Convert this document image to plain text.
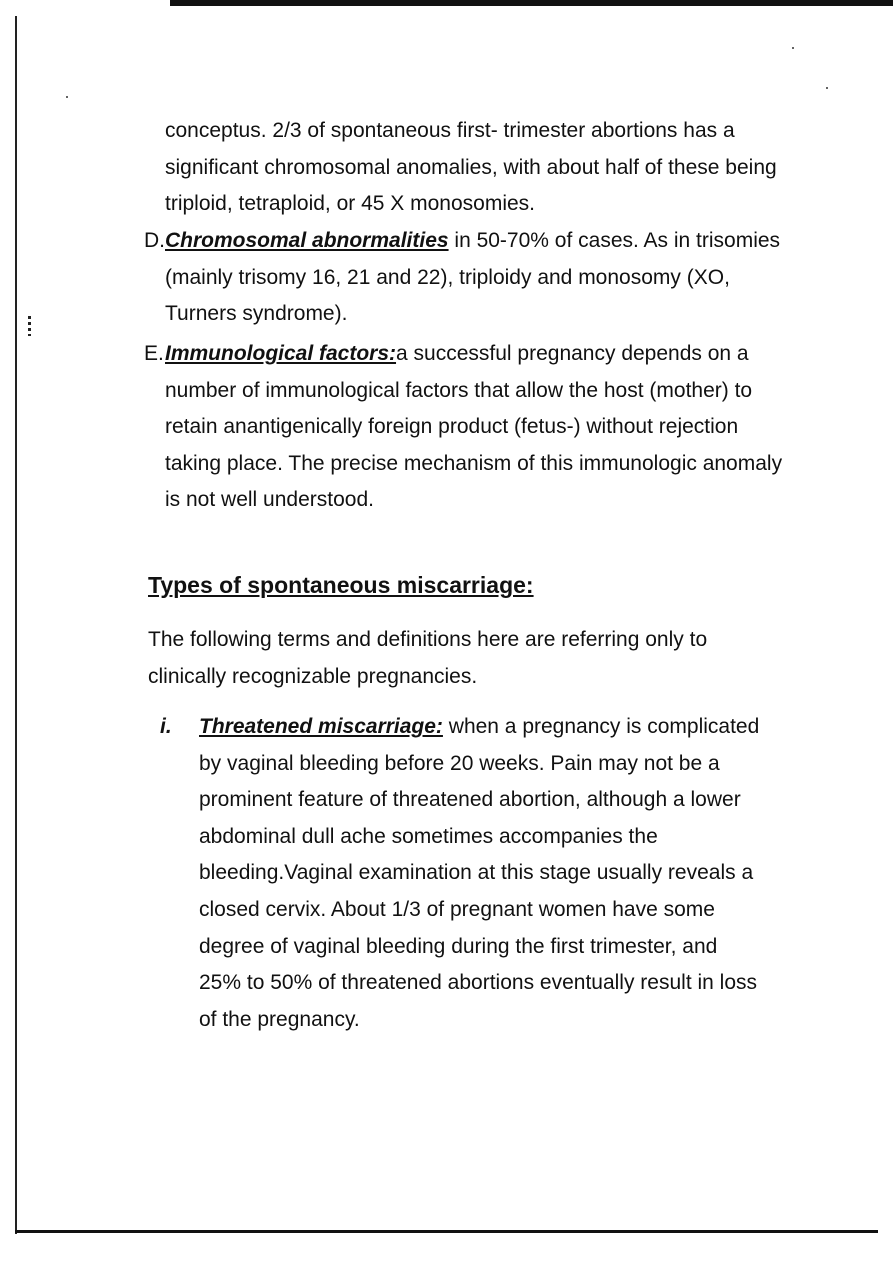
conceptus. 2/3 of spontaneous first- trimester abortions has a significant chromosomal anomalies, with about half of these being triploid, tetraploid, or 45 X monosomies.

D. Chromosomal abnormalities in 50-70% of cases. As in trisomies (mainly trisomy 16, 21 and 22), triploidy and monosomy (XO, Turners syndrome).
E. Immunological factors:a successful pregnancy depends on a number of immunological factors that allow the host (mother) to retain anantigenically foreign product (fetus-) without rejection taking place. The precise mechanism of this immunologic anomaly is not well understood.
Types of spontaneous miscarriage:

The following terms and definitions here are referring only to clinically recognizable pregnancies.

i. Threatened miscarriage: when a pregnancy is complicated by vaginal bleeding before 20 weeks. Pain may not be a prominent feature of threatened abortion, although a lower abdominal dull ache sometimes accompanies the bleeding.Vaginal examination at this stage usually reveals a closed cervix. About 1/3 of pregnant women have some degree of vaginal bleeding during the first trimester, and 25% to 50% of threatened abortions eventually result in loss of the pregnancy.
